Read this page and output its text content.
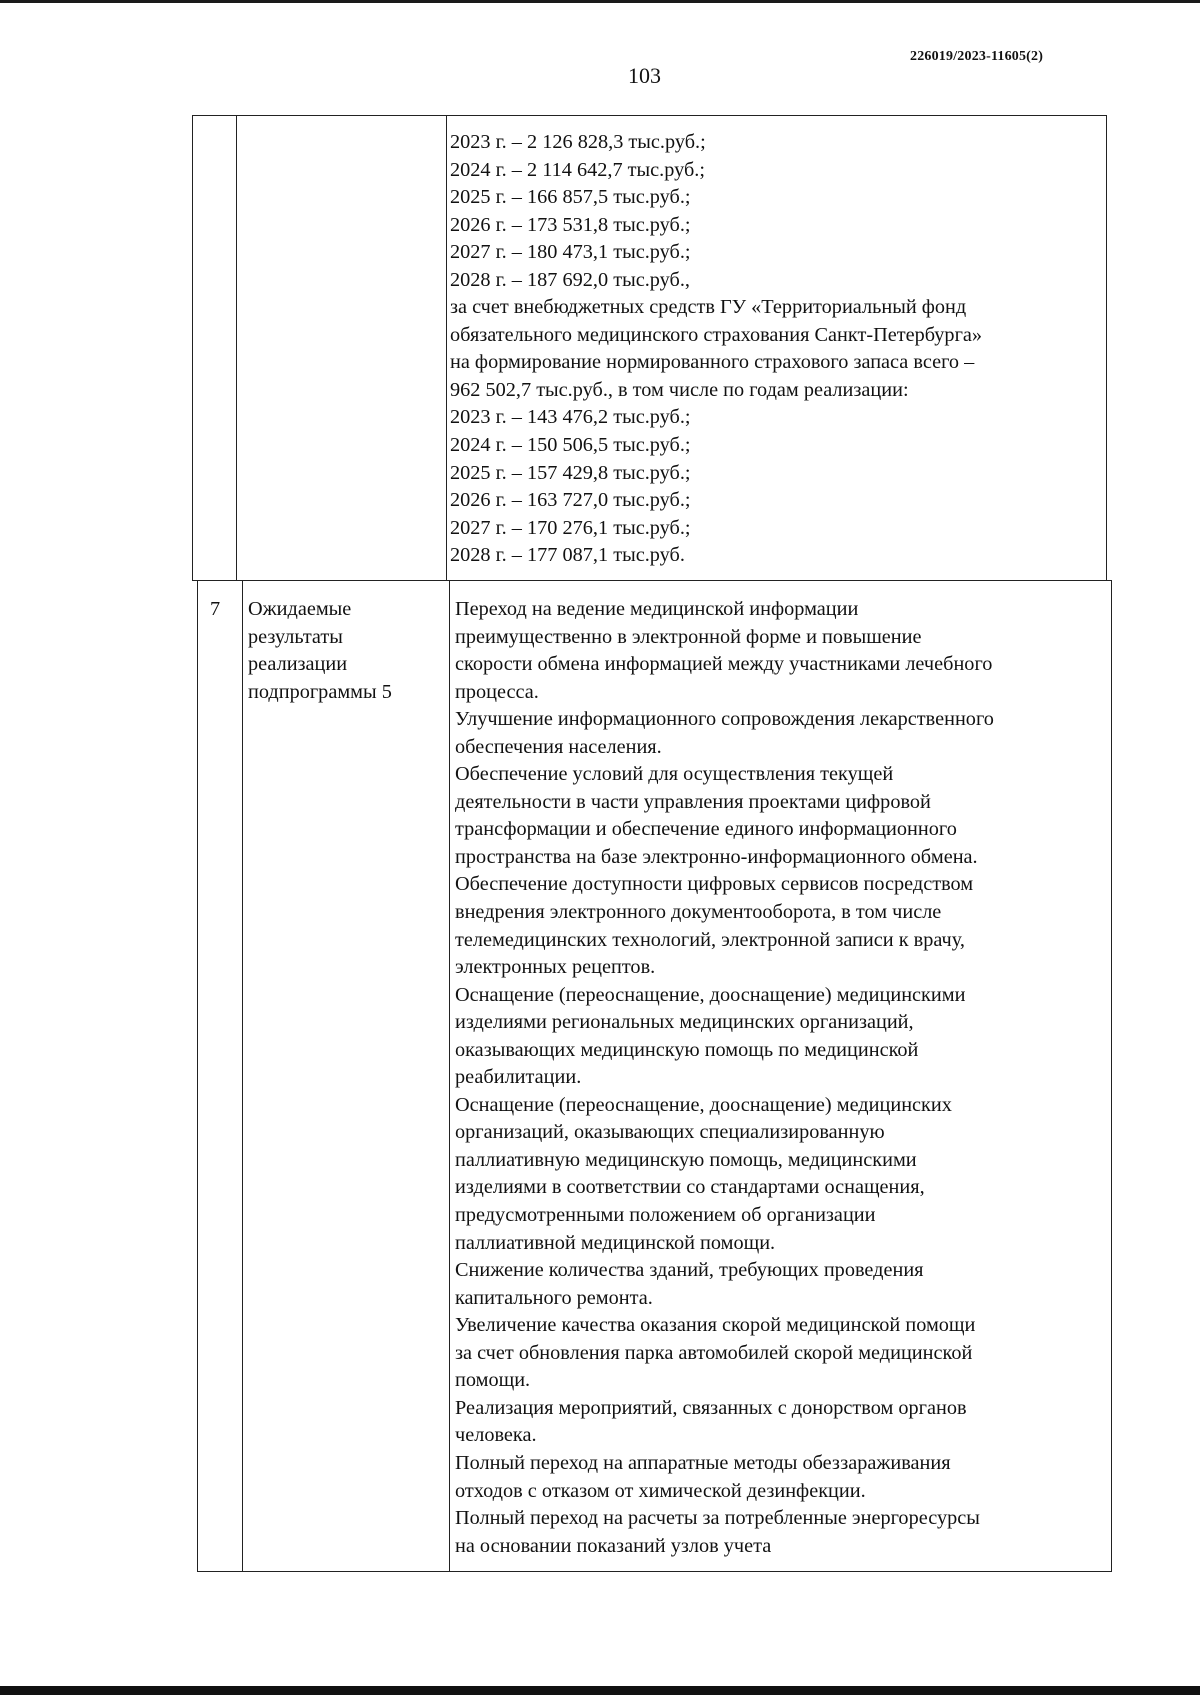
226019/2023-11605(2)
103
2023 г. – 2 126 828,3 тыс.руб.;
2024 г. – 2 114 642,7 тыс.руб.;
2025 г. – 166 857,5 тыс.руб.;
2026 г. – 173 531,8 тыс.руб.;
2027 г. – 180 473,1 тыс.руб.;
2028 г. – 187 692,0 тыс.руб.,
за счет внебюджетных средств ГУ «Территориальный фонд
обязательного медицинского страхования Санкт-Петербурга»
на формирование нормированного страхового запаса всего –
962 502,7 тыс.руб., в том числе по годам реализации:
2023 г. – 143 476,2 тыс.руб.;
2024 г. – 150 506,5 тыс.руб.;
2025 г. – 157 429,8 тыс.руб.;
2026 г. – 163 727,0 тыс.руб.;
2027 г. – 170 276,1 тыс.руб.;
2028 г. – 177 087,1 тыс.руб.
7 Ожидаемые
результаты
реализации
подпрограммы 5
Переход на ведение медицинской информации
преимущественно в электронной форме и повышение
скорости обмена информацией между участниками лечебного
процесса.
Улучшение информационного сопровождения лекарственного
обеспечения населения.
Обеспечение условий для осуществления текущей
деятельности в части управления проектами цифровой
трансформации и обеспечение единого информационного
пространства на базе электронно-информационного обмена.
Обеспечение доступности цифровых сервисов посредством
внедрения электронного документооборота, в том числе
телемедицинских технологий, электронной записи к врачу,
электронных рецептов.
Оснащение (переоснащение, дооснащение) медицинскими
изделиями региональных медицинских организаций,
оказывающих медицинскую помощь по медицинской
реабилитации.
Оснащение (переоснащение, дооснащение) медицинских
организаций, оказывающих специализированную
паллиативную медицинскую помощь, медицинскими
изделиями в соответствии со стандартами оснащения,
предусмотренными положением об организации
паллиативной медицинской помощи.
Снижение количества зданий, требующих проведения
капитального ремонта.
Увеличение качества оказания скорой медицинской помощи
за счет обновления парка автомобилей скорой медицинской
помощи.
Реализация мероприятий, связанных с донорством органов
человека.
Полный переход на аппаратные методы обеззараживания
отходов с отказом от химической дезинфекции.
Полный переход на расчеты за потребленные энергоресурсы
на основании показаний узлов учета
